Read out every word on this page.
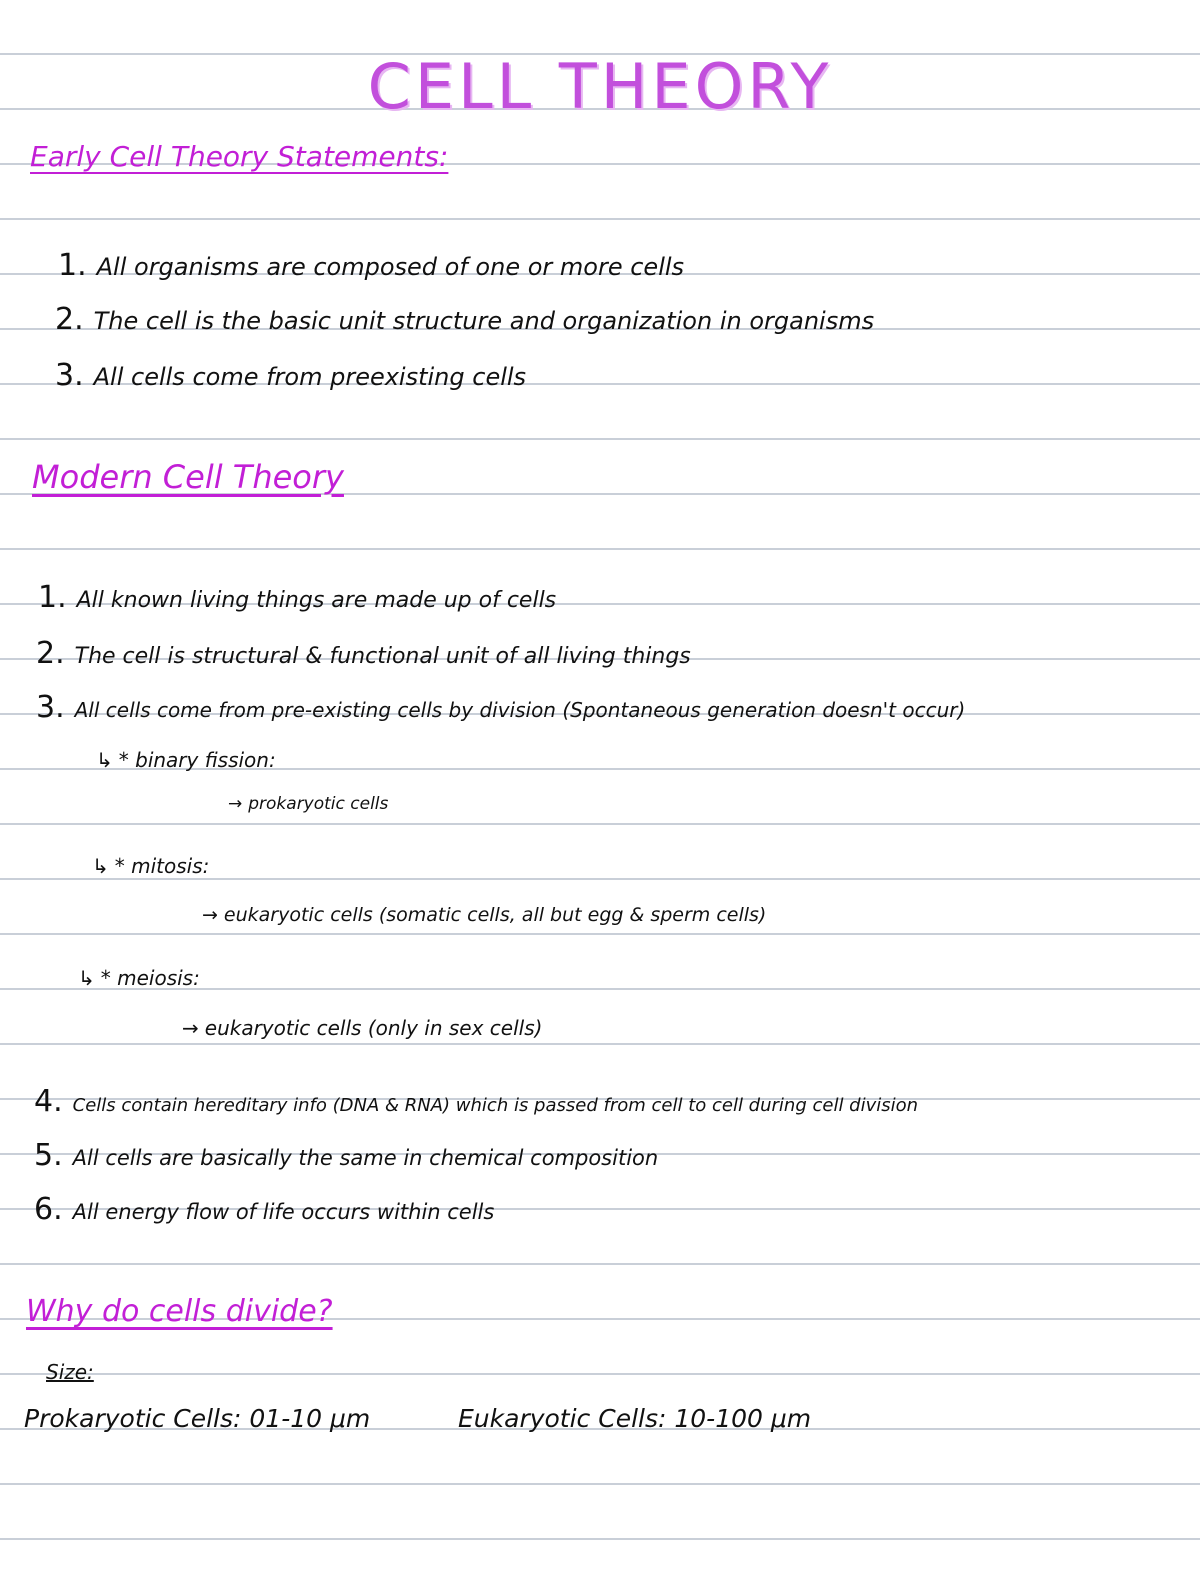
CELL THEORY
Early Cell Theory Statements:
1. All organisms are composed of one or more cells
2. The cell is the basic unit structure and organization in organisms
3. All cells come from preexisting cells
Modern Cell Theory
1. All known living things are made up of cells
2. The cell is structural & functional unit of all living things
3. All cells come from pre-existing cells by division (Spontaneous generation doesn't occur)
↳ * binary fission:
→ prokaryotic cells
↳ * mitosis:
→ eukaryotic cells (somatic cells, all but egg & sperm cells)
↳ * meiosis:
→ eukaryotic cells (only in sex cells)
4. Cells contain hereditary info (DNA & RNA) which is passed from cell to cell during cell division
5. All cells are basically the same in chemical composition
6. All energy flow of life occurs within cells
Why do cells divide?
Size:
Prokaryotic Cells: 01-10 μm	Eukaryotic Cells: 10-100 μm
